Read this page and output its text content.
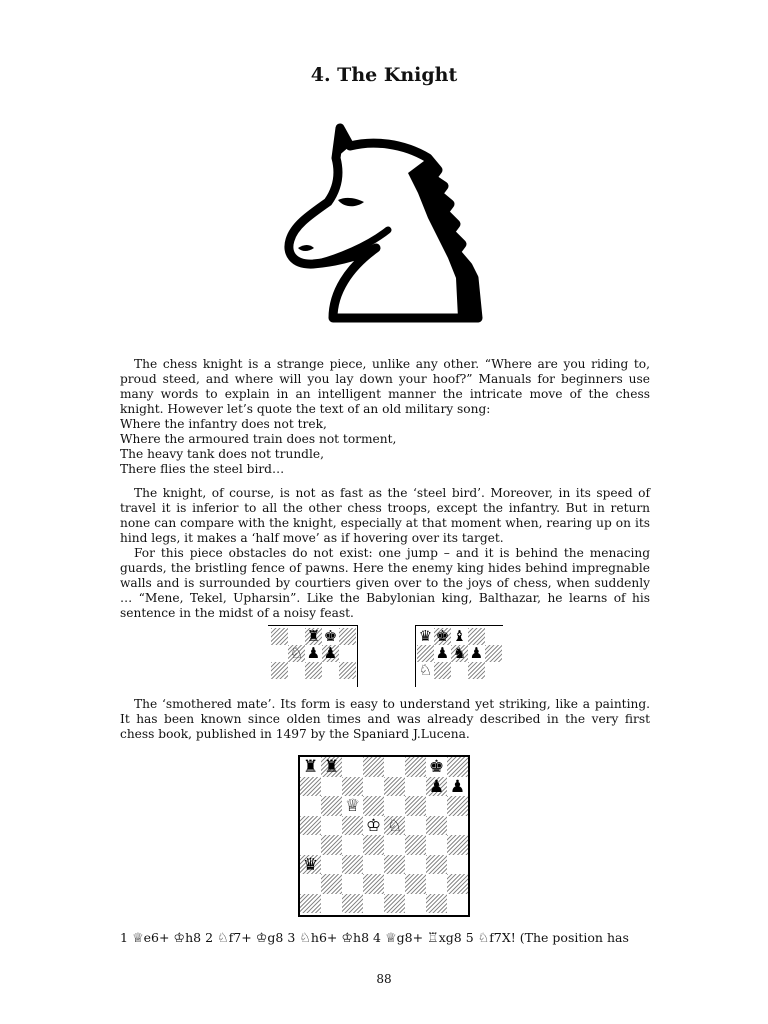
4. The Knight

The chess knight is a strange piece, unlike any other. “Where are you riding to, proud steed, and where will you lay down your hoof?” Manuals for beginners use many words to explain in an intelligent manner the intricate move of the chess knight. However let’s quote the text of an old military song:

Where the infantry does not trek,

Where the armoured train does not torment,

The heavy tank does not trundle,

There flies the steel bird…

The knight, of course, is not as fast as the ‘steel bird’. Moreover, in its speed of travel it is inferior to all the other chess troops, except the infantry. But in return none can compare with the knight, especially at that moment when, rearing up on its hind legs, it makes a ‘half move’ as if hovering over its target.

For this piece obstacles do not exist: one jump – and it is behind the menacing guards, the bristling fence of pawns. Here the enemy king hides behind impregnable walls and is surrounded by courtiers given over to the joys of chess, when suddenly … “Mene, Tekel, Upharsin”. Like the Babylonian king, Balthazar, he learns of his sentence in the midst of a noisy feast.

♜ ♚
♘ ♟ ♟
♛ ♚ ♝
♟ ♞ ♟
♘

The ‘smothered mate’. Its form is easy to understand yet striking, like a painting. It has been known since olden times and was already described in the very first chess book, published in 1497 by the Spaniard J.Lucena.

♜ ♜	♚
♟ ♟
♕
♔ ♘
♛
1 ♕e6+ ♔h8 2 ♘f7+ ♔g8 3 ♘h6+ ♔h8 4 ♕g8+ ♖xg8 5 ♘f7X! (The position has
88
